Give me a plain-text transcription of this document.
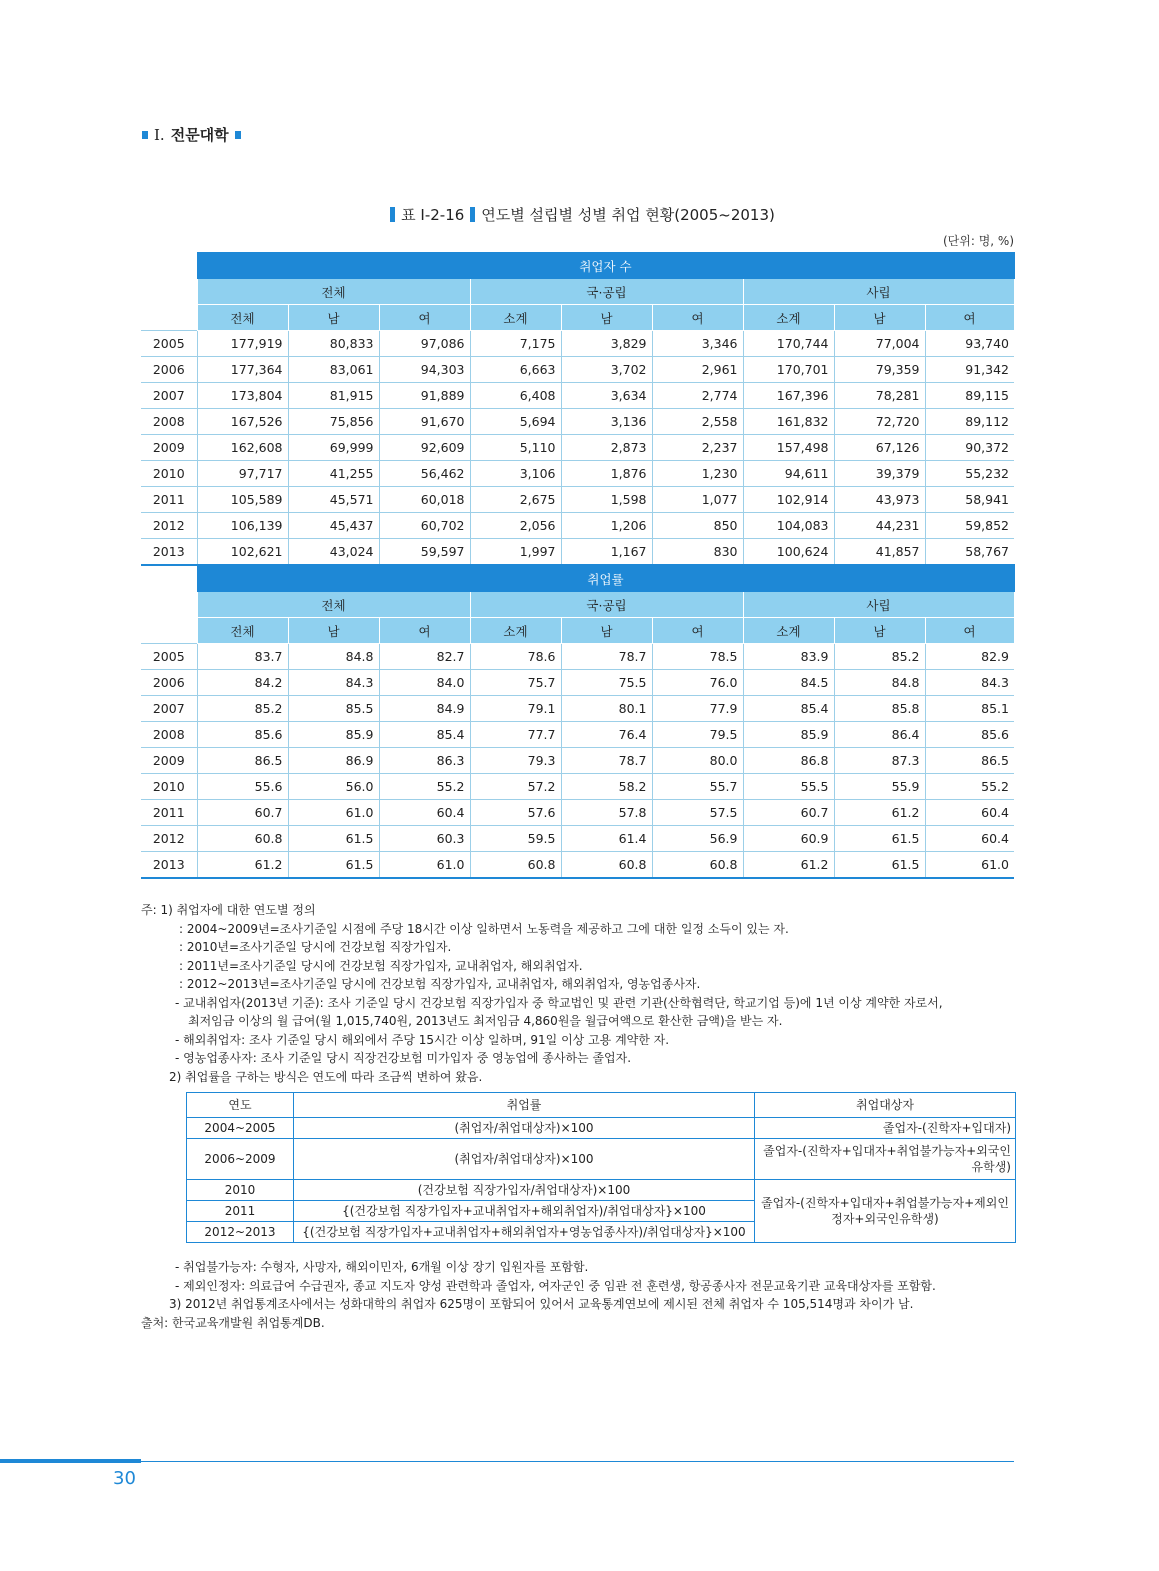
I. 전문대학
표 Ⅰ-2-16 연도별 설립별 성별 취업 현황(2005~2013)
(단위: 명, %)
	취업자 수								
	전체			국·공립			사립		
	전체	남	여	소계	남	여	소계	남	여
2005	177,919	80,833	97,086	7,175	3,829	3,346	170,744	77,004	93,740
2006	177,364	83,061	94,303	6,663	3,702	2,961	170,701	79,359	91,342
2007	173,804	81,915	91,889	6,408	3,634	2,774	167,396	78,281	89,115
2008	167,526	75,856	91,670	5,694	3,136	2,558	161,832	72,720	89,112
2009	162,608	69,999	92,609	5,110	2,873	2,237	157,498	67,126	90,372
2010	97,717	41,255	56,462	3,106	1,876	1,230	94,611	39,379	55,232
2011	105,589	45,571	60,018	2,675	1,598	1,077	102,914	43,973	58,941
2012	106,139	45,437	60,702	2,056	1,206	850	104,083	44,231	59,852
2013	102,621	43,024	59,597	1,997	1,167	830	100,624	41,857	58,767
	취업률								
	전체			국·공립			사립		
	전체	남	여	소계	남	여	소계	남	여
2005	83.7	84.8	82.7	78.6	78.7	78.5	83.9	85.2	82.9
2006	84.2	84.3	84.0	75.7	75.5	76.0	84.5	84.8	84.3
2007	85.2	85.5	84.9	79.1	80.1	77.9	85.4	85.8	85.1
2008	85.6	85.9	85.4	77.7	76.4	79.5	85.9	86.4	85.6
2009	86.5	86.9	86.3	79.3	78.7	80.0	86.8	87.3	86.5
2010	55.6	56.0	55.2	57.2	58.2	55.7	55.5	55.9	55.2
2011	60.7	61.0	60.4	57.6	57.8	57.5	60.7	61.2	60.4
2012	60.8	61.5	60.3	59.5	61.4	56.9	60.9	61.5	60.4
2013	61.2	61.5	61.0	60.8	60.8	60.8	61.2	61.5	61.0
주: 1) 취업자에 대한 연도별 정의
: 2004~2009년=조사기준일 시점에 주당 18시간 이상 일하면서 노동력을 제공하고 그에 대한 일정 소득이 있는 자.
: 2010년=조사기준일 당시에 건강보험 직장가입자.
: 2011년=조사기준일 당시에 건강보험 직장가입자, 교내취업자, 해외취업자.
: 2012~2013년=조사기준일 당시에 건강보험 직장가입자, 교내취업자, 해외취업자, 영농업종사자.
- 교내취업자(2013년 기준): 조사 기준일 당시 건강보험 직장가입자 중 학교법인 및 관련 기관(산학협력단, 학교기업 등)에 1년 이상 계약한 자로서,
최저임금 이상의 월 급여(월 1,015,740원, 2013년도 최저임금 4,860원을 월급여액으로 환산한 금액)을 받는 자.
- 해외취업자: 조사 기준일 당시 해외에서 주당 15시간 이상 일하며, 91일 이상 고용 계약한 자.
- 영농업종사자: 조사 기준일 당시 직장건강보험 미가입자 중 영농업에 종사하는 졸업자.
2) 취업률을 구하는 방식은 연도에 따라 조금씩 변하여 왔음.
연도	취업률	취업대상자
2004~2005	(취업자/취업대상자)×100	졸업자-(진학자+입대자)
2006~2009	(취업자/취업대상자)×100	졸업자-(진학자+입대자+취업불가능자+외국인유학생)
2010	(건강보험 직장가입자/취업대상자)×100	졸업자-(진학자+입대자+취업불가능자+제외인정자+외국인유학생)
2011	{(건강보험 직장가입자+교내취업자+해외취업자)/취업대상자}×100	
2012~2013	{(건강보험 직장가입자+교내취업자+해외취업자+영농업종사자)/취업대상자}×100	
- 취업불가능자: 수형자, 사망자, 해외이민자, 6개월 이상 장기 입원자를 포함함.
- 제외인정자: 의료급여 수급권자, 종교 지도자 양성 관련학과 졸업자, 여자군인 중 임관 전 훈련생, 항공종사자 전문교육기관 교육대상자를 포함함.
3) 2012년 취업통계조사에서는 성화대학의 취업자 625명이 포함되어 있어서 교육통계연보에 제시된 전체 취업자 수 105,514명과 차이가 남.
출처: 한국교육개발원 취업통계DB.
30
